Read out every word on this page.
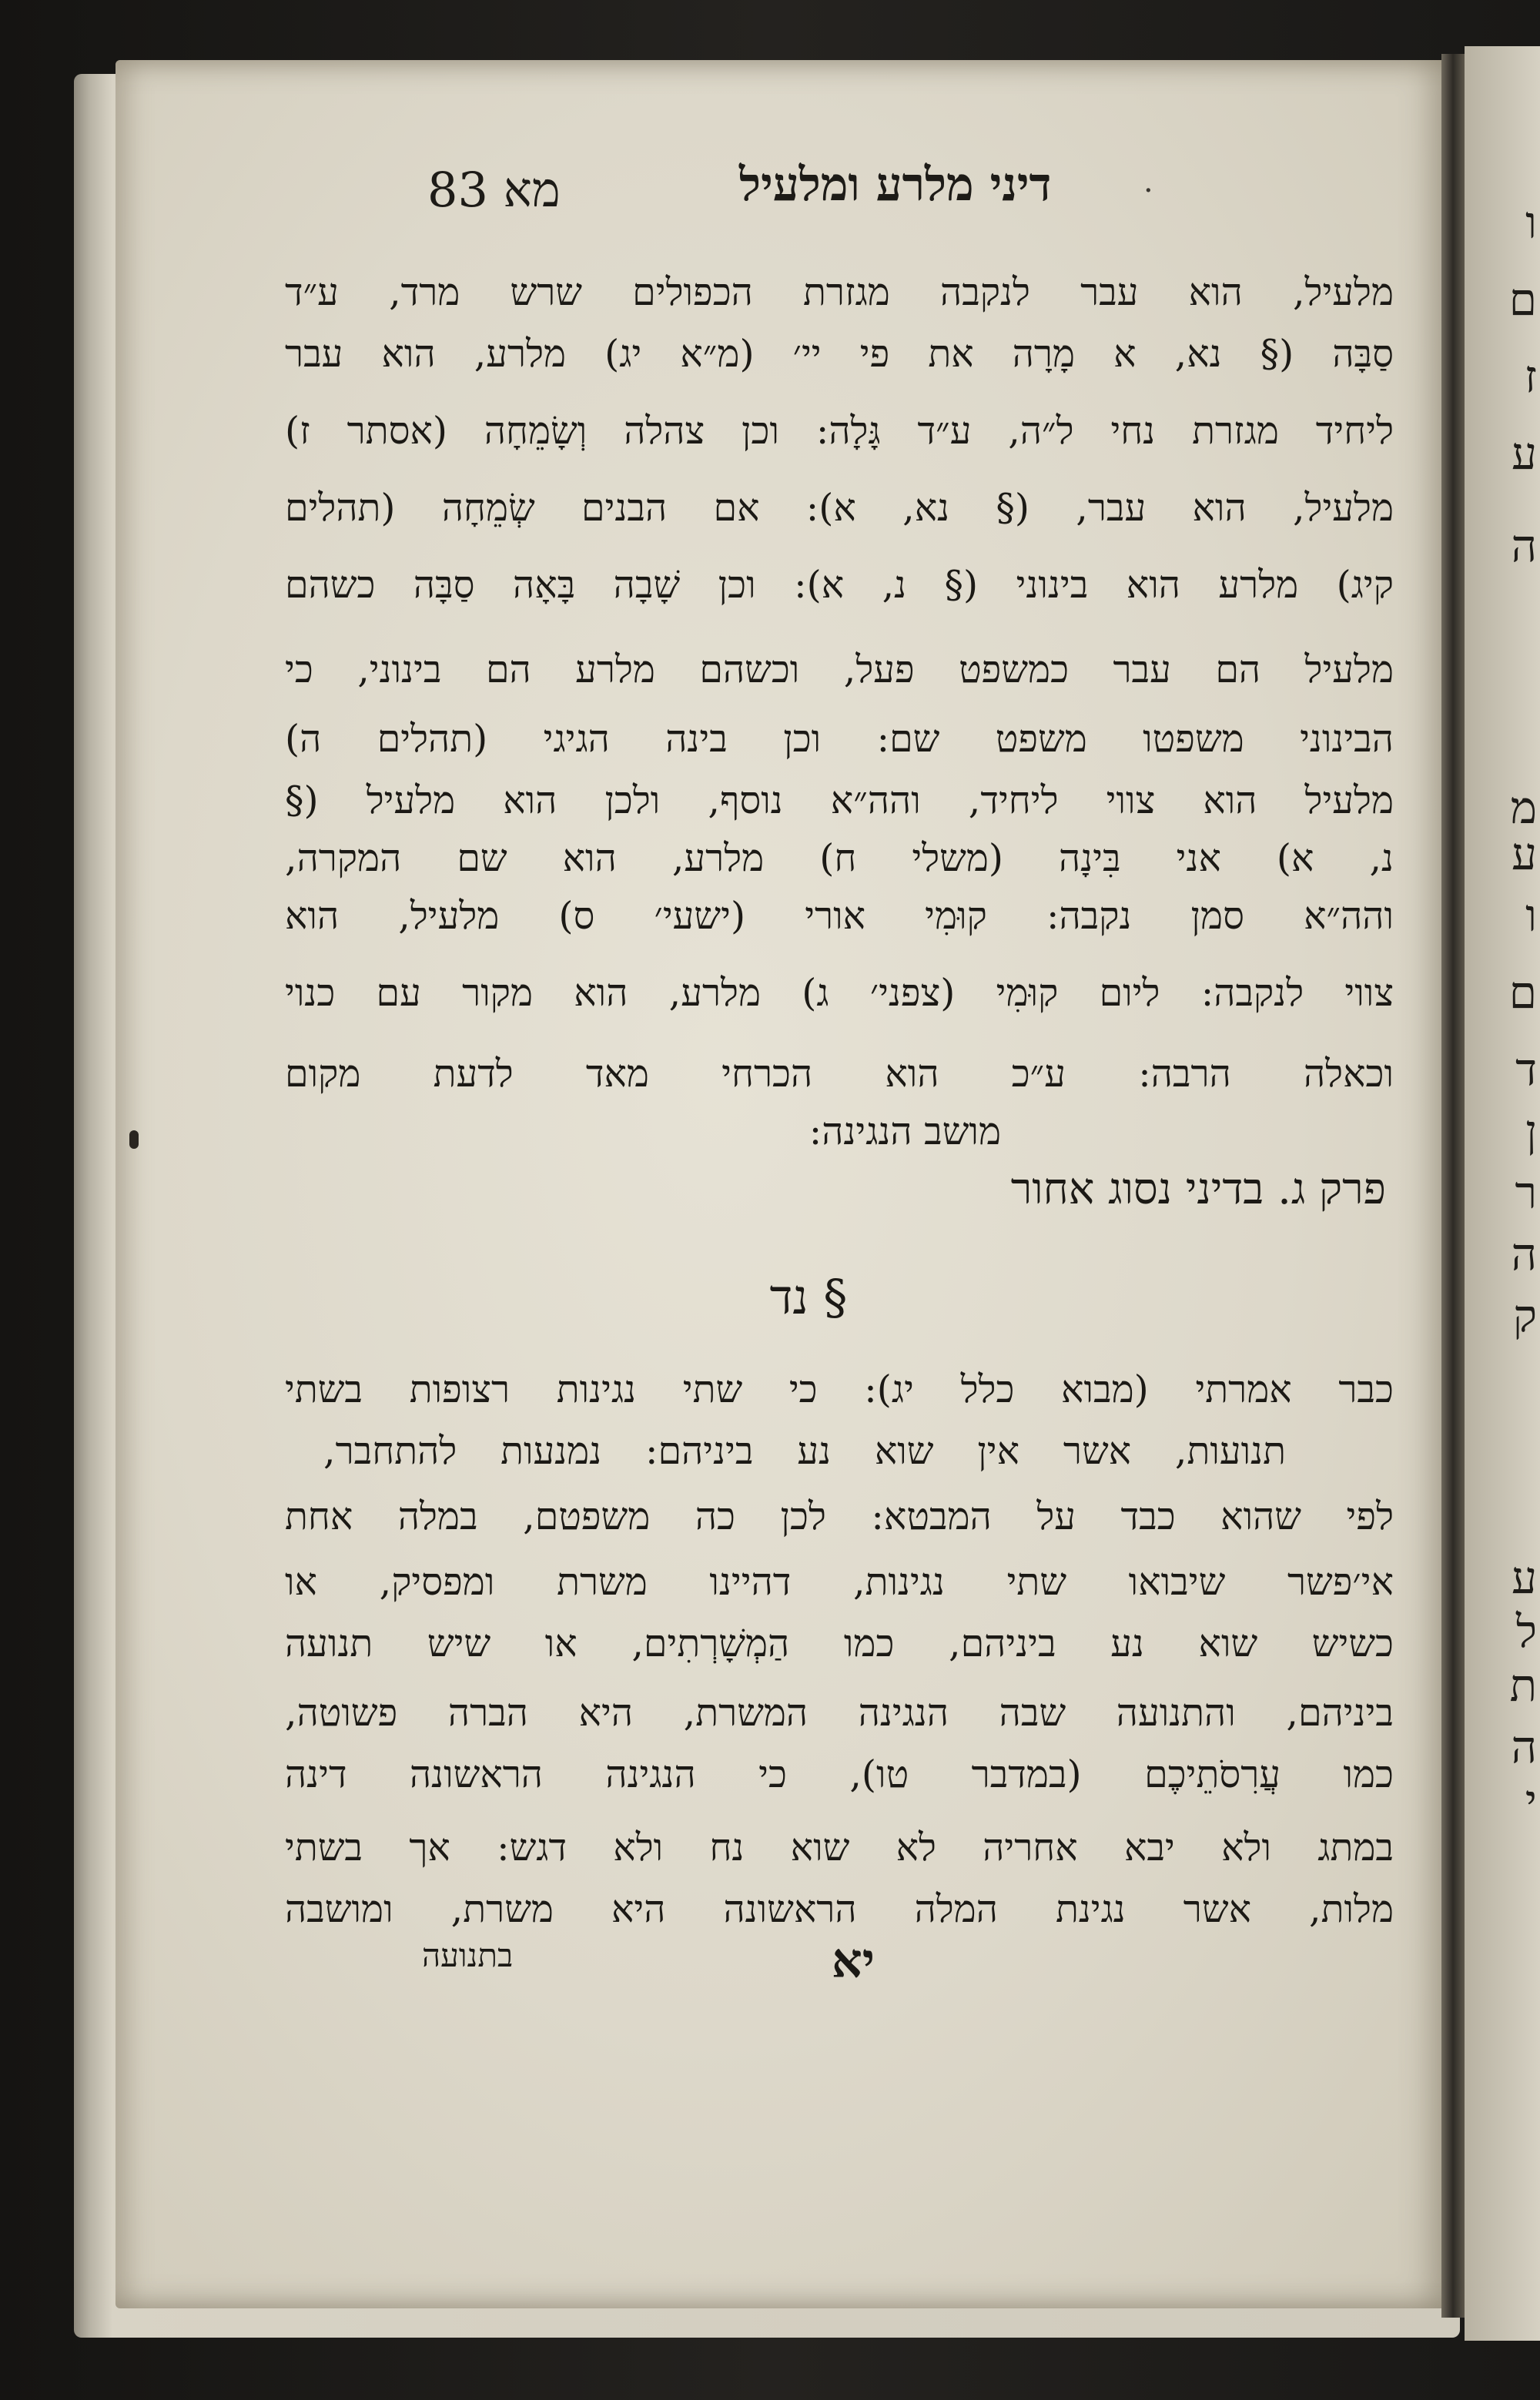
ו
ם
ז
ע
ה
מ
ע
ו
ם
ד
ן
ר
ה
ק
ע
ל
ת
ה
י
83 מא	דיני מלרע ומלעיל	·
מלעיל, הוא עבר לנקבה מגזרת הכפולים שרש מרד, ע״ד
סַבָּה (§ נא, א מָרָה את פי יי׳ (מ״א יג) מלרע, הוא עבר
ליחיד מגזרת נחי ל״ה, ע״ד גָּלָה: וכן צהלה וְשָׂמֵחָה (אסתר ז)
מלעיל, הוא עבר, (§ נא, א): אם הבנים שְׂמֵחָה (תהלים
קיג) מלרע הוא בינוני (§ נ, א): וכן שָׁבָה בָּאָה סַבָּה כשהם
מלעיל הם עבר כמשפט פעל, וכשהם מלרע הם בינוני, כי
הבינוני משפטו משפט שם: וכן בינה הגיגי (תהלים ה)
מלעיל הוא צווי ליחיד, והה״א נוסף, ולכן הוא מלעיל (§
נ, א) אני בִּינָה (משלי ח) מלרע, הוא שם המקרה,
והה״א סמן נקבה: קוּמִי אורי (ישעי׳ ס) מלעיל, הוא
צווי לנקבה: ליום קוּמִי (צפני׳ ג) מלרע, הוא מקור עם כנוי
וכאלה הרבה: ע״כ הוא הכרחי מאד לדעת מקום
מושב הנגינה:
פרק ג. בדיני נסוג אחור
§ נד
כבר אמרתי (מבוא כלל יג): כי שתי נגינות רצופות בשתי
תנועות, אשר אין שוא נע ביניהם: נמנעות להתחבר,
לפי שהוא כבד על המבטא: לכן כה משפטם, במלה אחת
אי׳פשר שיבואו שתי נגינות, דהיינו משרת ומפסיק, או
כשיש שוא נע ביניהם, כמו הַמְשָׁרְתִים, או שיש תנועה
ביניהם, והתנועה שבה הנגינה המשרת, היא הברה פשוטה,
כמו עֲרִסֹתֵיכֶם (במדבר טו), כי הנגינה הראשונה דינה
במתג ולא יבא אחריה לא שוא נח ולא דגש: אך בשתי
מלות, אשר נגינת המלה הראשונה היא משרת, ומושבה
בתנועה	יא
